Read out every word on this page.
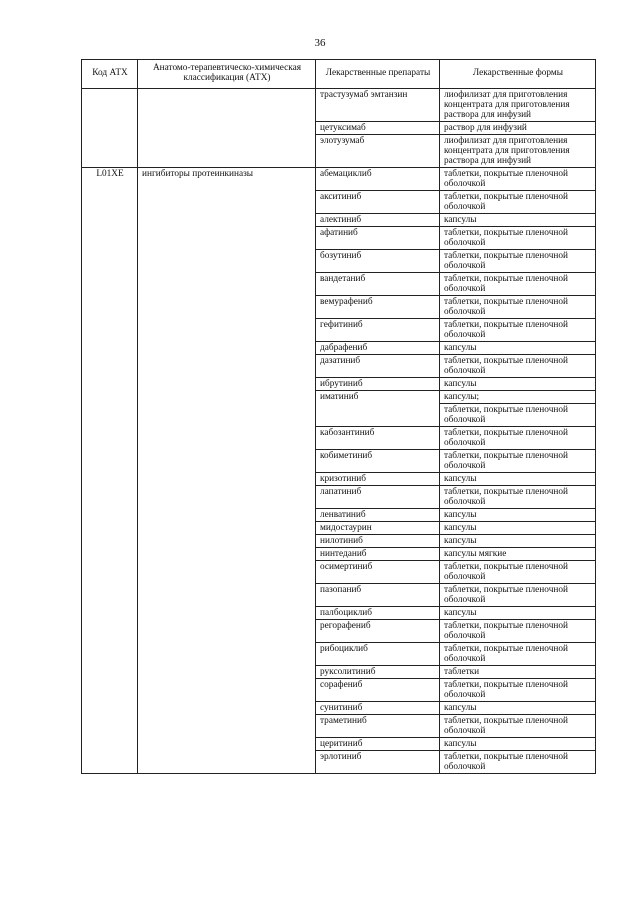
36
Код АТХ	Анатомо-терапевтическо-химическая классификация (АТХ)	Лекарственные препараты	Лекарственные формы
		трастузумаб эмтанзин	лиофилизат для приготовления концентрата для приготовления раствора для инфузий
		цетуксимаб	раствор для инфузий
		элотузумаб	лиофилизат для приготовления концентрата для приготовления раствора для инфузий
L01XE	ингибиторы протеинкиназы	абемациклиб	таблетки, покрытые пленочной оболочкой
		акситиниб	таблетки, покрытые пленочной оболочкой
		алектиниб	капсулы
		афатиниб	таблетки, покрытые пленочной оболочкой
		бозутиниб	таблетки, покрытые пленочной оболочкой
		вандетаниб	таблетки, покрытые пленочной оболочкой
		вемурафениб	таблетки, покрытые пленочной оболочкой
		гефитиниб	таблетки, покрытые пленочной оболочкой
		дабрафениб	капсулы
		дазатиниб	таблетки, покрытые пленочной оболочкой
		ибрутиниб	капсулы
		иматиниб	капсулы;
			таблетки, покрытые пленочной оболочкой
		кабозантиниб	таблетки, покрытые пленочной оболочкой
		кобиметиниб	таблетки, покрытые пленочной оболочкой
		кризотиниб	капсулы
		лапатиниб	таблетки, покрытые пленочной оболочкой
		ленватиниб	капсулы
		мидостаурин	капсулы
		нилотиниб	капсулы
		нинтеданиб	капсулы мягкие
		осимертиниб	таблетки, покрытые пленочной оболочкой
		пазопаниб	таблетки, покрытые пленочной оболочкой
		палбоциклиб	капсулы
		регорафениб	таблетки, покрытые пленочной оболочкой
		рибоциклиб	таблетки, покрытые пленочной оболочкой
		руксолитиниб	таблетки
		сорафениб	таблетки, покрытые пленочной оболочкой
		сунитиниб	капсулы
		траметиниб	таблетки, покрытые пленочной оболочкой
		церитиниб	капсулы
		эрлотиниб	таблетки, покрытые пленочной оболочкой
